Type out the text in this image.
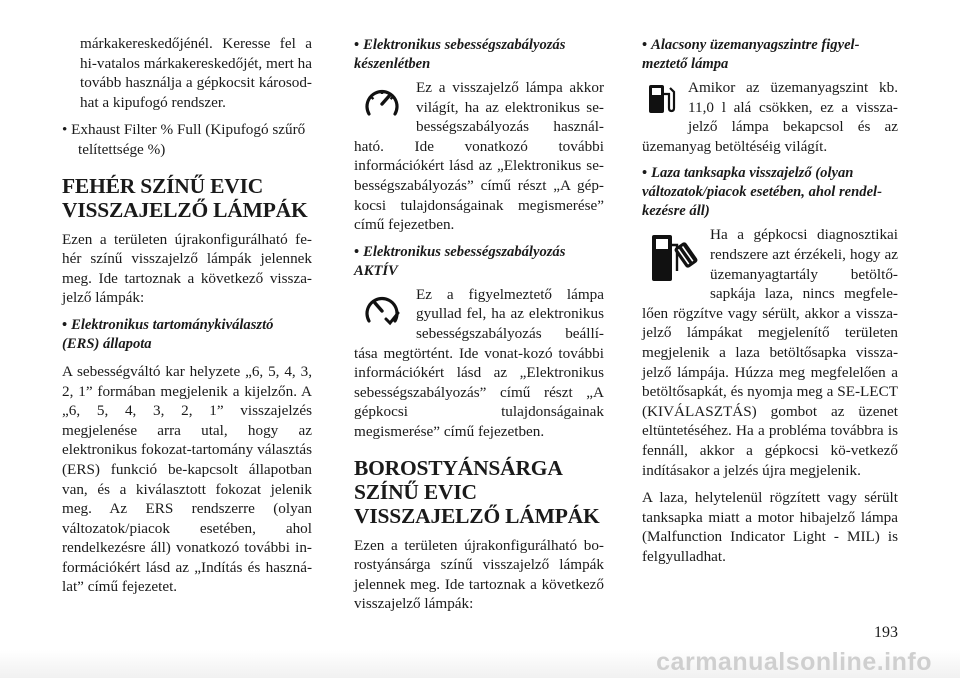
márkakereskedőjénél. Keresse fel a hi-vatalos márkakereskedőjét, mert ha tovább használja a gépkocsit károsod-hat a kipufogó rendszer.

• Exhaust Filter % Full (Kipufogó szűrő telítettsége %)

FEHÉR SZÍNŰ EVIC VISSZAJELZŐ LÁMPÁK

Ezen a területen újrakonfigurálható fe-hér színű visszajelző lámpák jelennek meg. Ide tartoznak a következő vissza-jelző lámpák:

• Elektronikus tartománykiválasztó (ERS) állapota

A sebességváltó kar helyzete „6, 5, 4, 3, 2, 1” formában megjelenik a kijelzőn. A „6, 5, 4, 3, 2, 1” visszajelzés megjelenése arra utal, hogy az elektronikus fokozat-tartomány választás (ERS) funkció be-kapcsolt állapotban van, és a kiválasztott fokozat jelenik meg. Az ERS rendszerre (olyan változatok/piacok esetében, ahol rendelkezésre áll) vonatkozó további in-formációkért lásd az „Indítás és haszná-lat” című fejezetet.

• Elektronikus sebességszabályozás készenlétben

Ez a visszajelző lámpa akkor világít, ha az elektronikus se-bességszabályozás használ-ható. Ide vonatkozó további információkért lásd az „Elektronikus se-bességszabályozás” című részt „A gép-kocsi tulajdonságainak megismerése” című fejezetben.

• Elektronikus sebességszabályozás AKTÍV

Ez a figyelmeztető lámpa gyullad fel, ha az elektronikus sebességszabályozás beállí-tása megtörtént. Ide vonat-kozó további információkért lásd az „Elektronikus sebességszabályozás” című részt „A gépkocsi tulajdonságainak megismerése” című fejezetben.

BOROSTYÁNSÁRGA SZÍNŰ EVIC VISSZAJELZŐ LÁMPÁK

Ezen a területen újrakonfigurálható bo-rostyánsárga színű visszajelző lámpák jelennek meg. Ide tartoznak a következő visszajelző lámpák:

• Alacsony üzemanyagszintre figyel-meztető lámpa

Amikor az üzemanyagszint kb. 11,0 l alá csökken, ez a vissza-jelző lámpa bekapcsol és az üzemanyag betöltéséig világít.

• Laza tanksapka visszajelző (olyan változatok/piacok esetében, ahol rendel-kezésre áll)

Ha a gépkocsi diagnosztikai rendszere azt érzékeli, hogy az üzemanyagtartály betöltő-sapkája laza, nincs megfele-lően rögzítve vagy sérült, akkor a vissza-jelző lámpákat megjelenítő területen megjelenik a laza betöltősapka vissza-jelző lámpája. Húzza meg megfelelően a betöltősapkát, és nyomja meg a SE-LECT (KIVÁLASZTÁS) gombot az üzenet eltüntetéséhez. Ha a probléma továbbra is fennáll, akkor a gépkocsi kö-vetkező indításakor a jelzés újra megjelenik.

A laza, helytelenül rögzített vagy sérült tanksapka miatt a motor hibajelző lámpa (Malfunction Indicator Light - MIL) is felgyulladhat.

193
carmanualsonline.info
